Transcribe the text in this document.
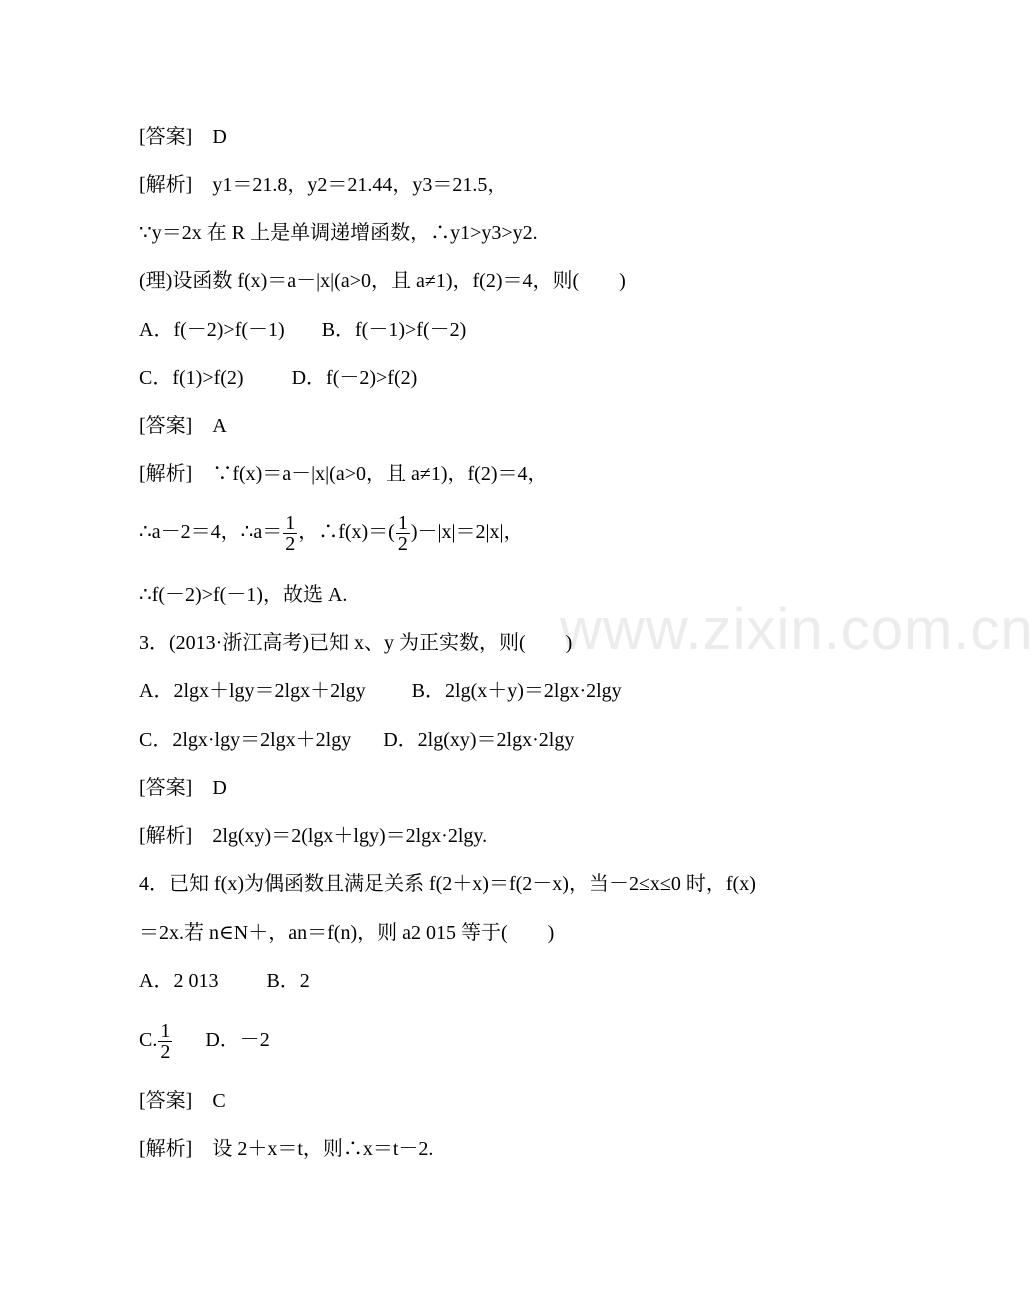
www.zixin.com.cn
[答案]　D
[解析]　y1＝21.8，y2＝21.44，y3＝21.5，
∵y＝2x 在 R 上是单调递增函数，∴y1>y3>y2.
(理)设函数 f(x)＝a－|x|(a>0，且 a≠1)，f(2)＝4，则(　　)
A．f(－2)>f(－1) B．f(－1)>f(－2)
C．f(1)>f(2) D．f(－2)>f(2)
[答案]　A
[解析]　∵f(x)＝a－|x|(a>0，且 a≠1)，f(2)＝4，
∴a－2＝4，∴a＝ $\frac{1}{2}$ ，∴f(x)＝( $\frac{1}{2} )-|x|=2|x|$，
∴f(－2)>f(－1)，故选 A.
3．(2013·浙江高考)已知 x、y 为正实数，则(　　)
A．2lgx＋lgy＝2lgx＋2lgy B．2lg(x＋y)＝2lgx·2lgy
C．2lgx·lgy＝2lgx＋2lgy D．2lg(xy)＝2lgx·2lgy
[答案]　D
[解析]　2lg(xy)＝2(lgx＋lgy)＝2lgx·2lgy.
4．已知 f(x)为偶函数且满足关系 f(2＋x)＝f(2－x)，当－2≤x≤0 时，f(x)
＝2x.若 n∈N＋，an＝f(n)，则 a2 015 等于(　　)
A．2 013 B．2
C. $\frac{1}{2}$ D．－2
[答案]　C
[解析]　设 2＋x＝t，则∴x＝t－2.
